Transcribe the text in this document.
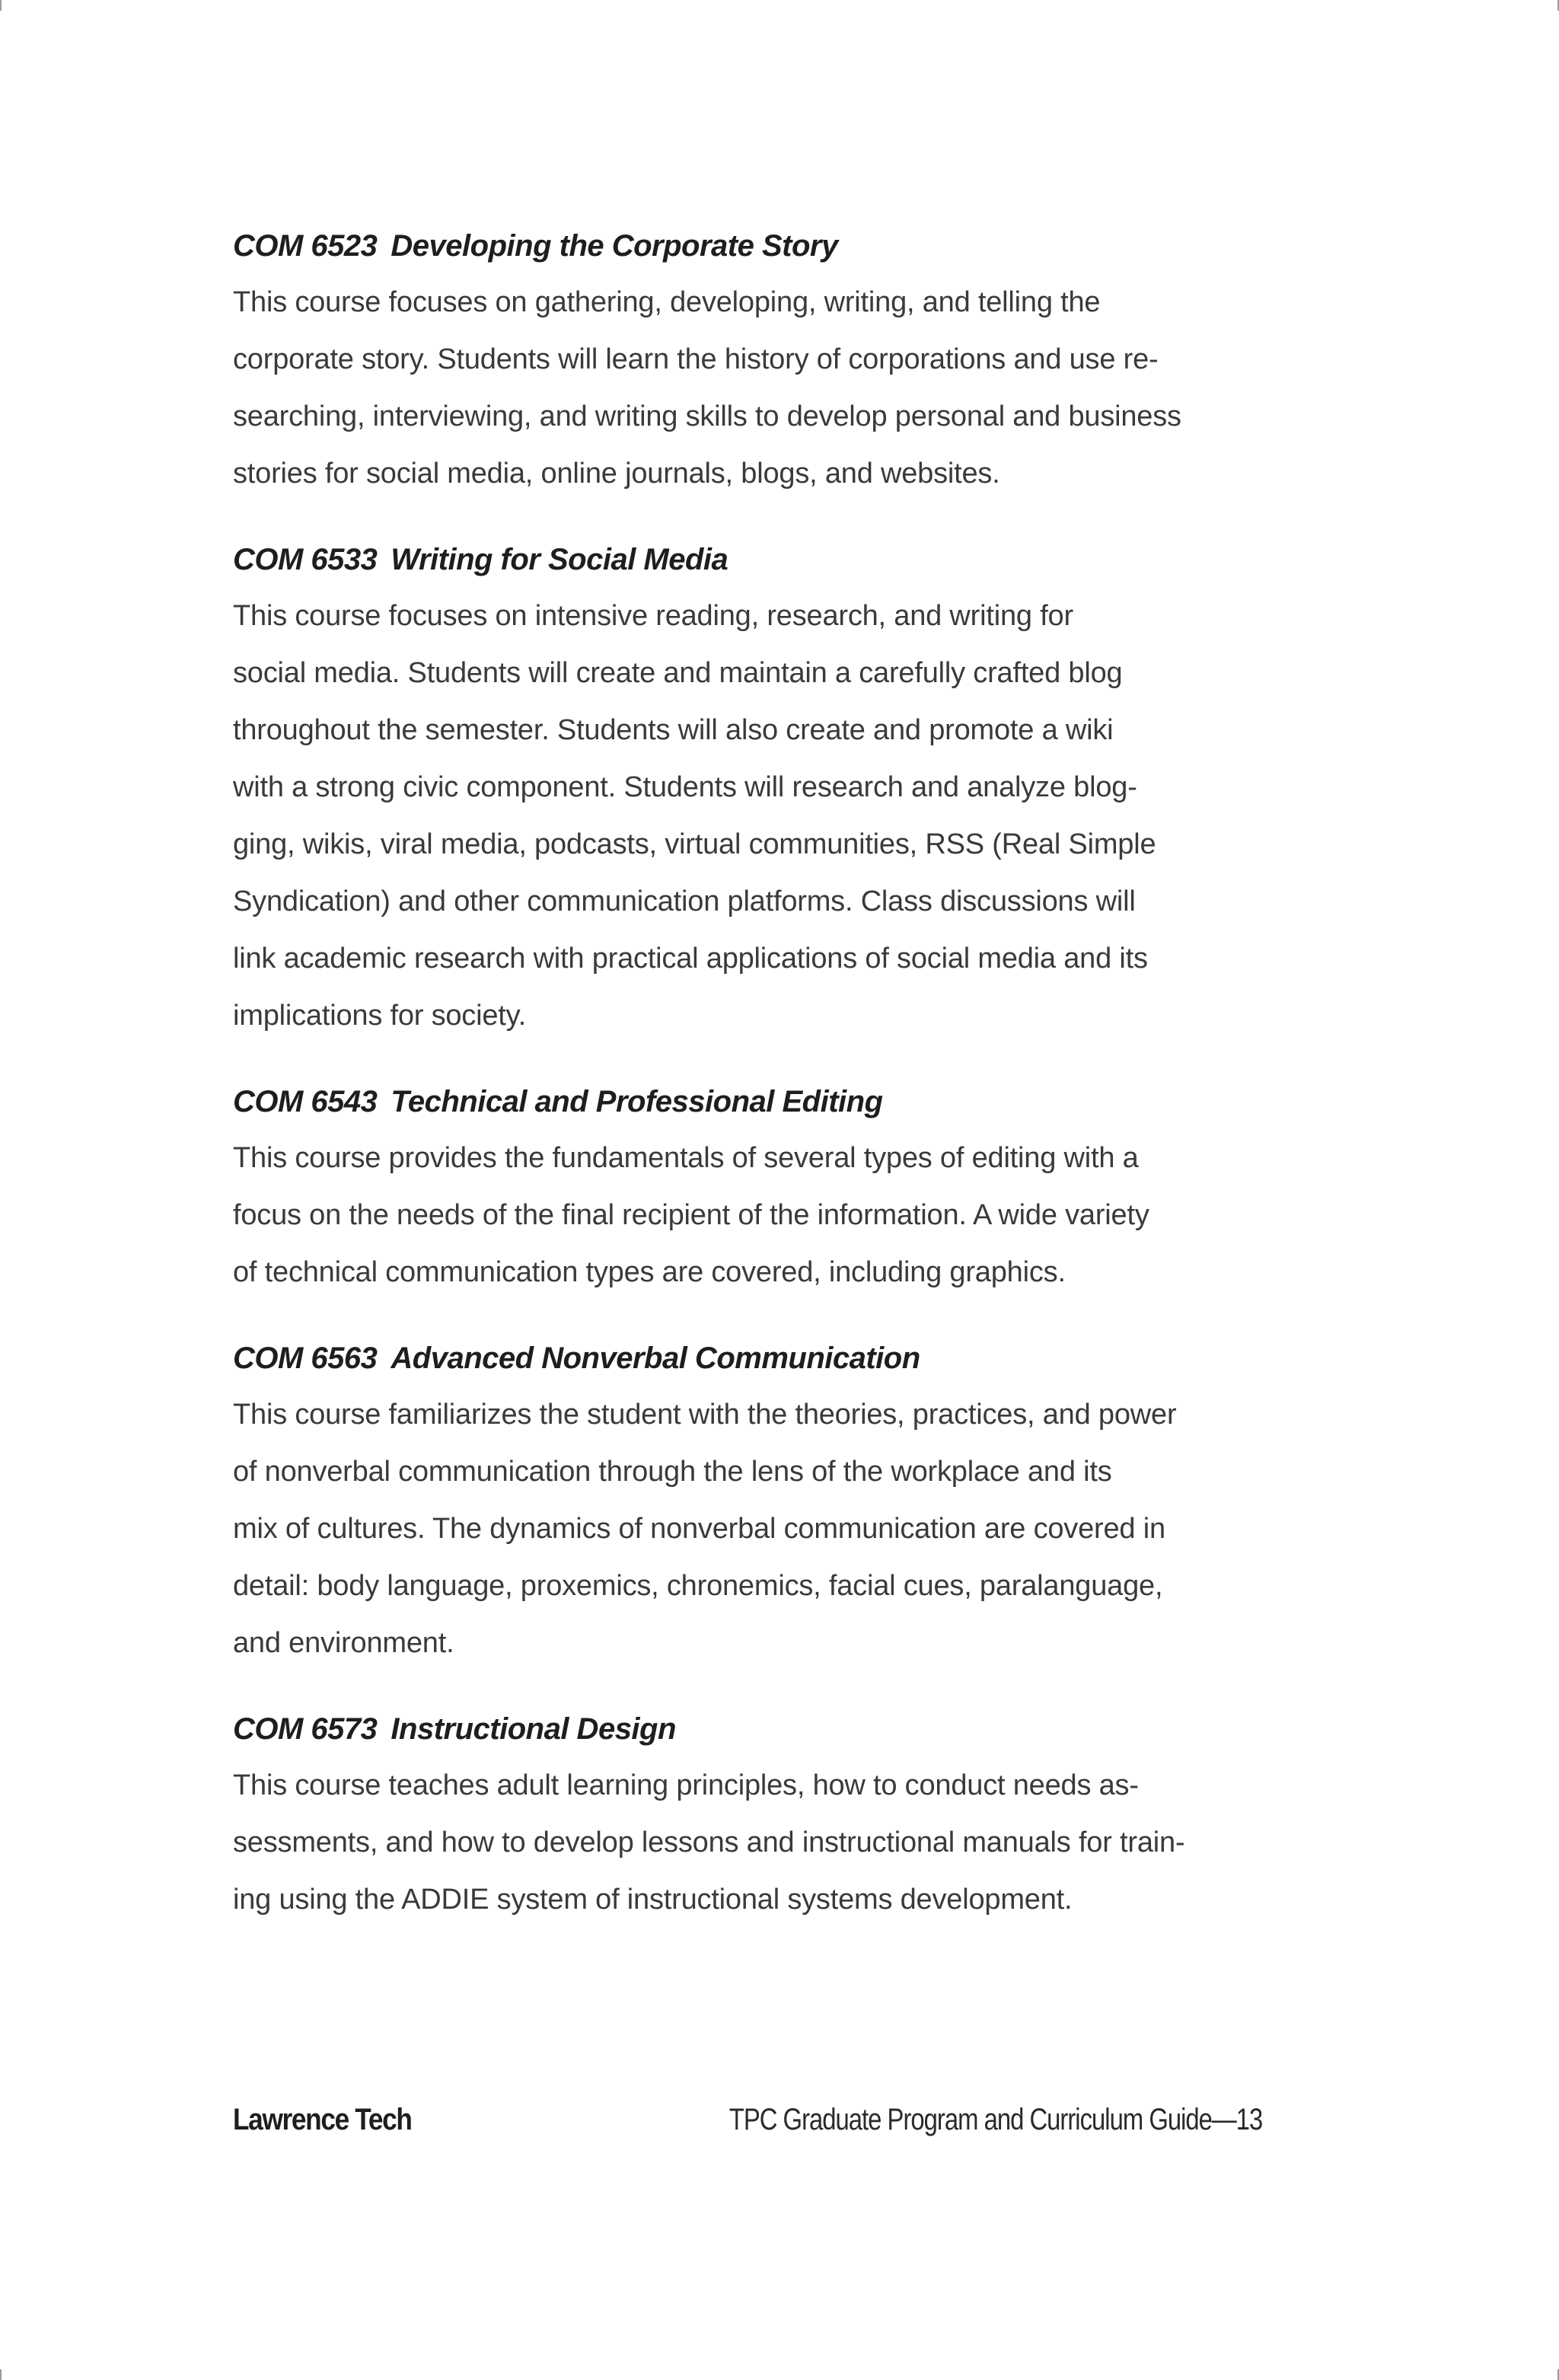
COM 6523 Developing the Corporate Story
This course focuses on gathering, developing, writing, and telling the
corporate story. Students will learn the history of corporations and use re-
searching, interviewing, and writing skills to develop personal and business
stories for social media, online journals, blogs, and websites.
COM 6533 Writing for Social Media
This course focuses on intensive reading, research, and writing for
social media. Students will create and maintain a carefully crafted blog
throughout the semester. Students will also create and promote a wiki
with a strong civic component. Students will research and analyze blog-
ging, wikis, viral media, podcasts, virtual communities, RSS (Real Simple
Syndication) and other communication platforms. Class discussions will
link academic research with practical applications of social media and its
implications for society.
COM 6543 Technical and Professional Editing
This course provides the fundamentals of several types of editing with a
focus on the needs of the final recipient of the information. A wide variety
of technical communication types are covered, including graphics.
COM 6563 Advanced Nonverbal Communication
This course familiarizes the student with the theories, practices, and power
of nonverbal communication through the lens of the workplace and its
mix of cultures. The dynamics of nonverbal communication are covered in
detail: body language, proxemics, chronemics, facial cues, paralanguage,
and environment.
COM 6573 Instructional Design
This course teaches adult learning principles, how to conduct needs as-
sessments, and how to develop lessons and instructional manuals for train-
ing using the ADDIE system of instructional systems development.
Lawrence Tech	TPC Graduate Program and Curriculum Guide—13
